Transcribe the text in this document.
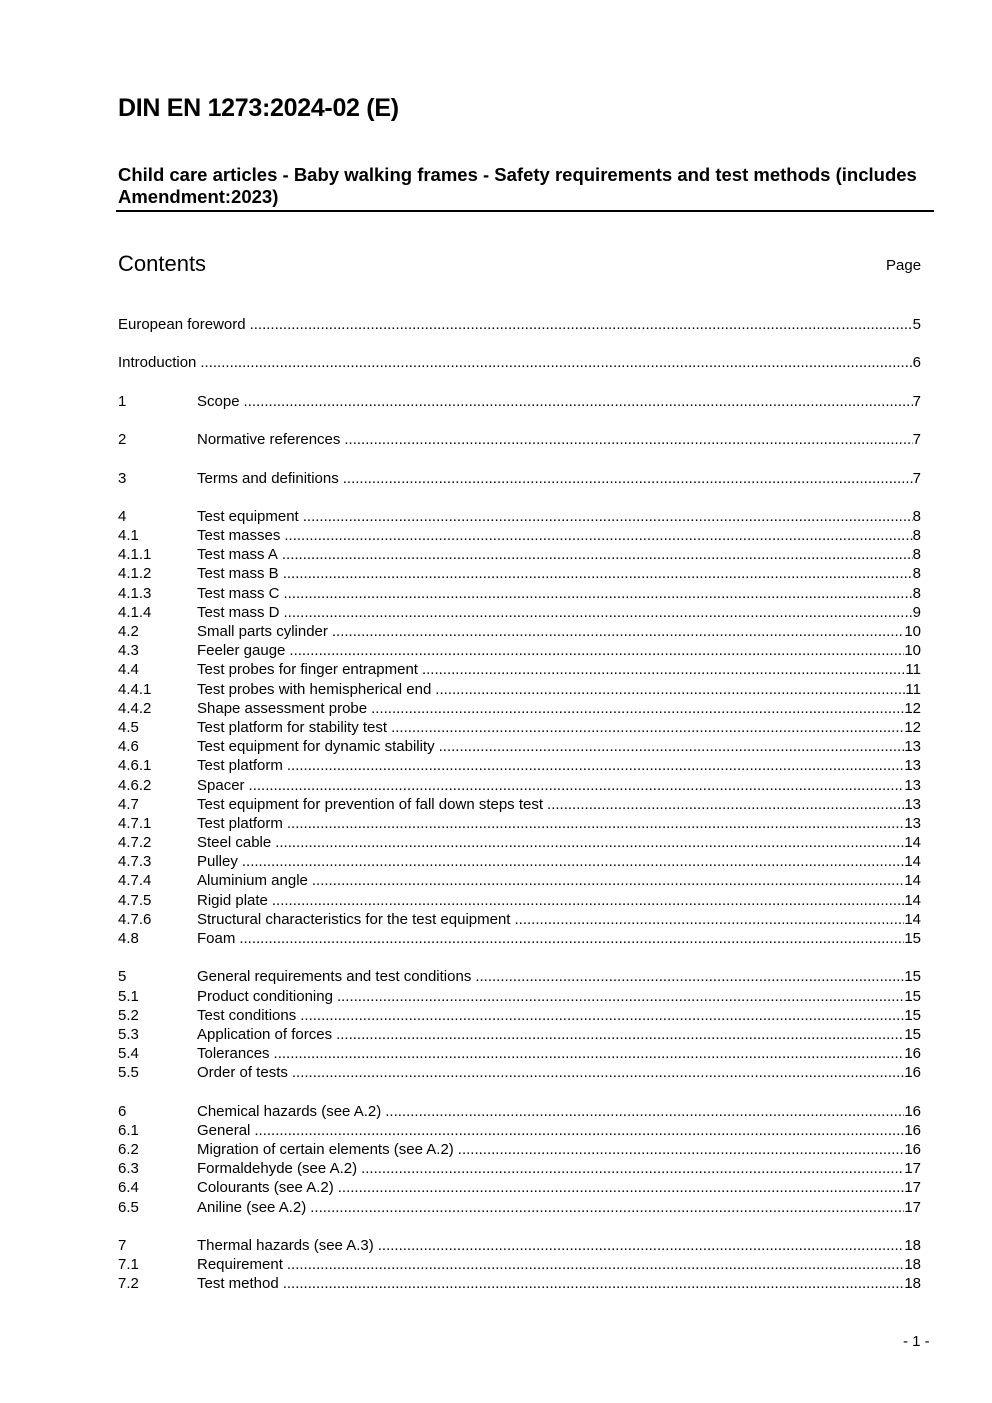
DIN EN 1273:2024-02 (E)
Child care articles - Baby walking frames - Safety requirements and test methods (includes Amendment:2023)
Contents	Page
European foreword .....	5
Introduction .....	6
1	Scope .....	7
2	Normative references .....	7
3	Terms and definitions .....	7
4	Test equipment .....	8
4.1	Test masses .....	8
4.1.1	Test mass A .....	8
4.1.2	Test mass B .....	8
4.1.3	Test mass C .....	8
4.1.4	Test mass D .....	9
4.2	Small parts cylinder .....	10
4.3	Feeler gauge .....	10
4.4	Test probes for finger entrapment .....	11
4.4.1	Test probes with hemispherical end .....	11
4.4.2	Shape assessment probe .....	12
4.5	Test platform for stability test .....	12
4.6	Test equipment for dynamic stability .....	13
4.6.1	Test platform .....	13
4.6.2	Spacer .....	13
4.7	Test equipment for prevention of fall down steps test .....	13
4.7.1	Test platform .....	13
4.7.2	Steel cable .....	14
4.7.3	Pulley .....	14
4.7.4	Aluminium angle .....	14
4.7.5	Rigid plate .....	14
4.7.6	Structural characteristics for the test equipment .....	14
4.8	Foam .....	15
5	General requirements and test conditions .....	15
5.1	Product conditioning .....	15
5.2	Test conditions .....	15
5.3	Application of forces .....	15
5.4	Tolerances .....	16
5.5	Order of tests .....	16
6	Chemical hazards (see A.2) .....	16
6.1	General .....	16
6.2	Migration of certain elements (see A.2) .....	16
6.3	Formaldehyde (see A.2) .....	17
6.4	Colourants (see A.2) .....	17
6.5	Aniline (see A.2) .....	17
7	Thermal hazards (see A.3) .....	18
7.1	Requirement .....	18
7.2	Test method .....	18
- 1 -
